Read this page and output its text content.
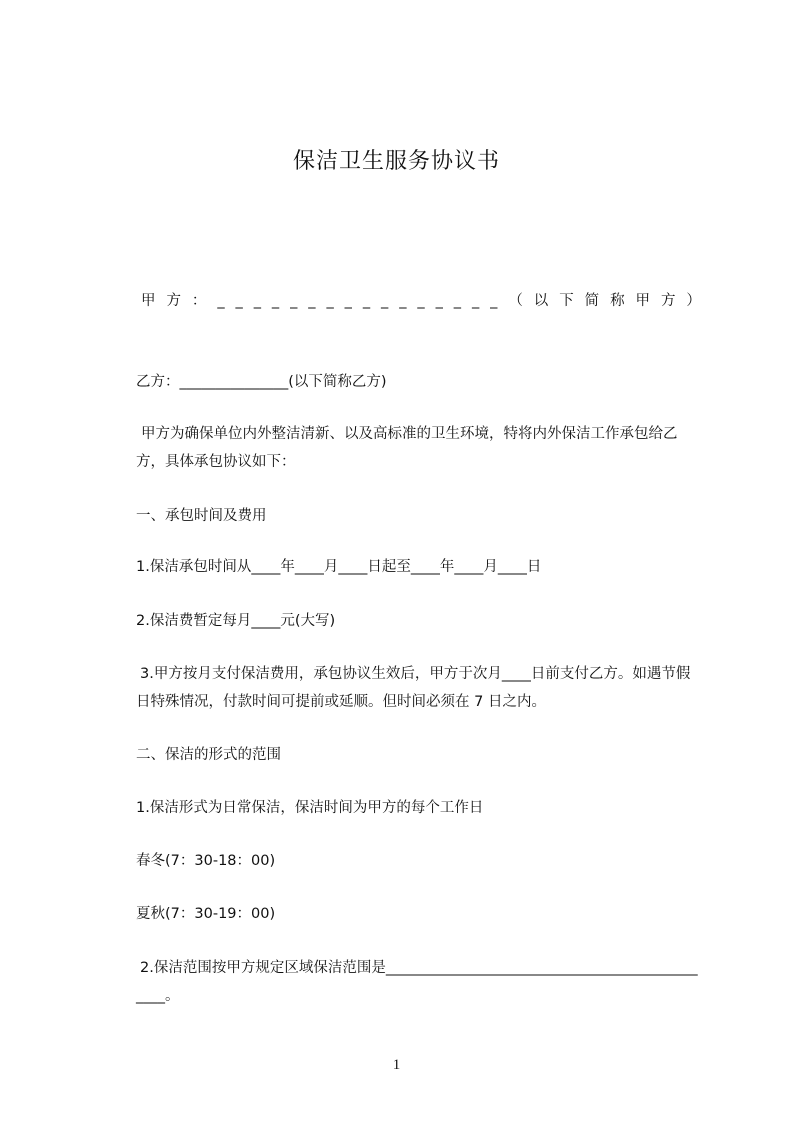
保洁卫生服务协议书
甲 方 ： _ _ _ _ _ _ _ _ _ _ _ _ _ _ _ _ （ 以 下 简 称 甲 方 ）
乙方：_______________(以下简称乙方)
甲方为确保单位内外整洁清新、以及高标准的卫生环境，特将内外保洁工作承包给乙方，具体承包协议如下：
一、承包时间及费用
1.保洁承包时间从____年____月____日起至____年____月____日
2.保洁费暂定每月____元(大写)
3.甲方按月支付保洁费用，承包协议生效后，甲方于次月____日前支付乙方。如遇节假日特殊情况，付款时间可提前或延顺。但时间必须在 7 日之内。
二、保洁的形式的范围
1.保洁形式为日常保洁，保洁时间为甲方的每个工作日
春冬(7：30-18：00)
夏秋(7：30-19：00)
2.保洁范围按甲方规定区域保洁范围是_______________________________________________。
1
